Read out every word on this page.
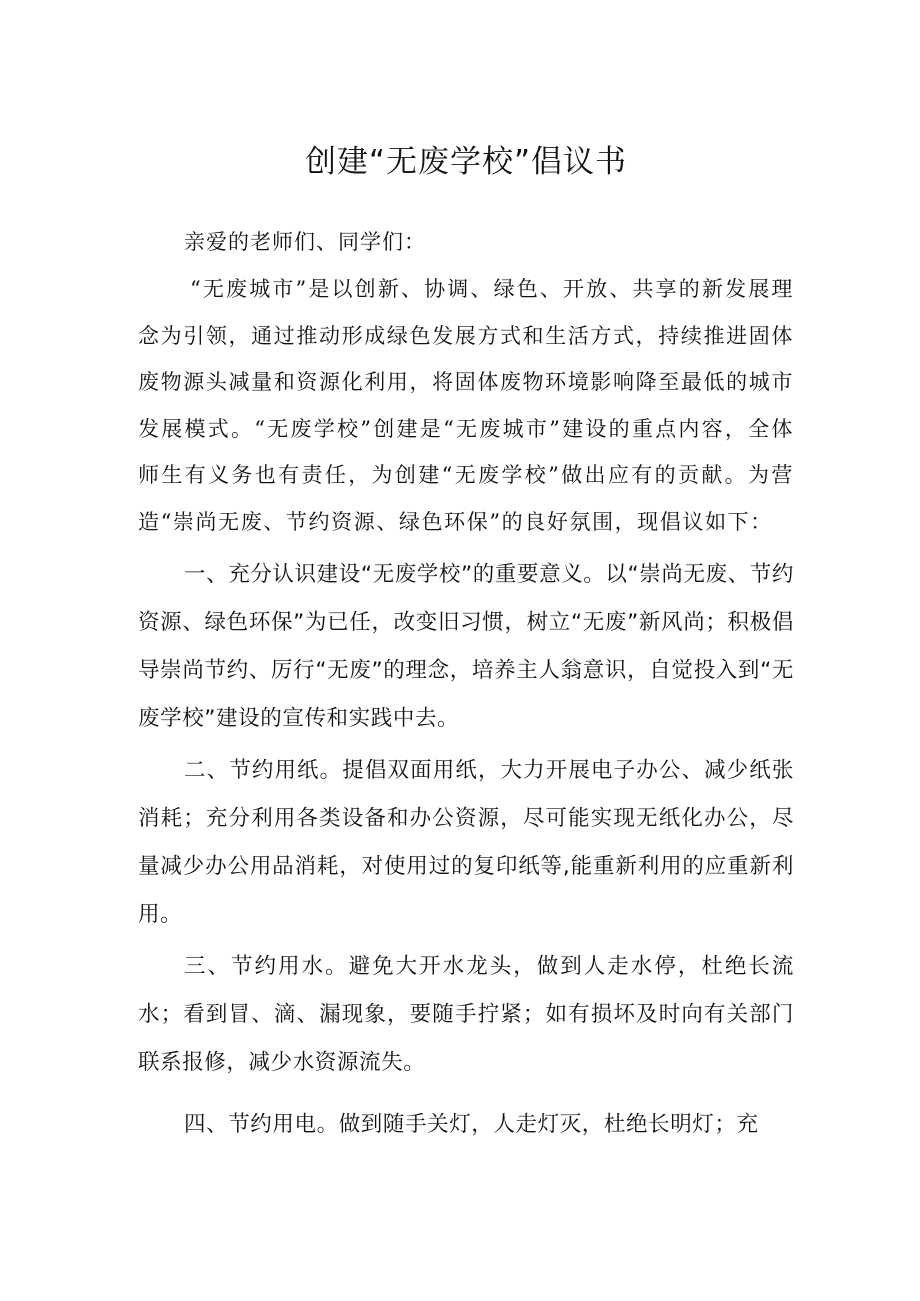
创建“无废学校”倡议书

亲爱的老师们、同学们：

“无废城市”是以创新、协调、绿色、开放、共享的新发展理念为引领，通过推动形成绿色发展方式和生活方式，持续推进固体废物源头减量和资源化利用，将固体废物环境影响降至最低的城市发展模式。“无废学校”创建是“无废城市”建设的重点内容，全体师生有义务也有责任，为创建“无废学校”做出应有的贡献。为营造“崇尚无废、节约资源、绿色环保”的良好氛围，现倡议如下：

一、充分认识建设“无废学校”的重要意义。以“崇尚无废、节约资源、绿色环保”为已任，改变旧习惯，树立“无废”新风尚；积极倡导崇尚节约、厉行“无废”的理念，培养主人翁意识，自觉投入到“无废学校”建设的宣传和实践中去。

二、节约用纸。提倡双面用纸，大力开展电子办公、减少纸张消耗；充分利用各类设备和办公资源，尽可能实现无纸化办公，尽量减少办公用品消耗，对使用过的复印纸等,能重新利用的应重新利用。

三、节约用水。避免大开水龙头，做到人走水停，杜绝长流水；看到冒、滴、漏现象，要随手拧紧；如有损坏及时向有关部门联系报修，减少水资源流失。

四、节约用电。做到随手关灯，人走灯灭，杜绝长明灯；充
